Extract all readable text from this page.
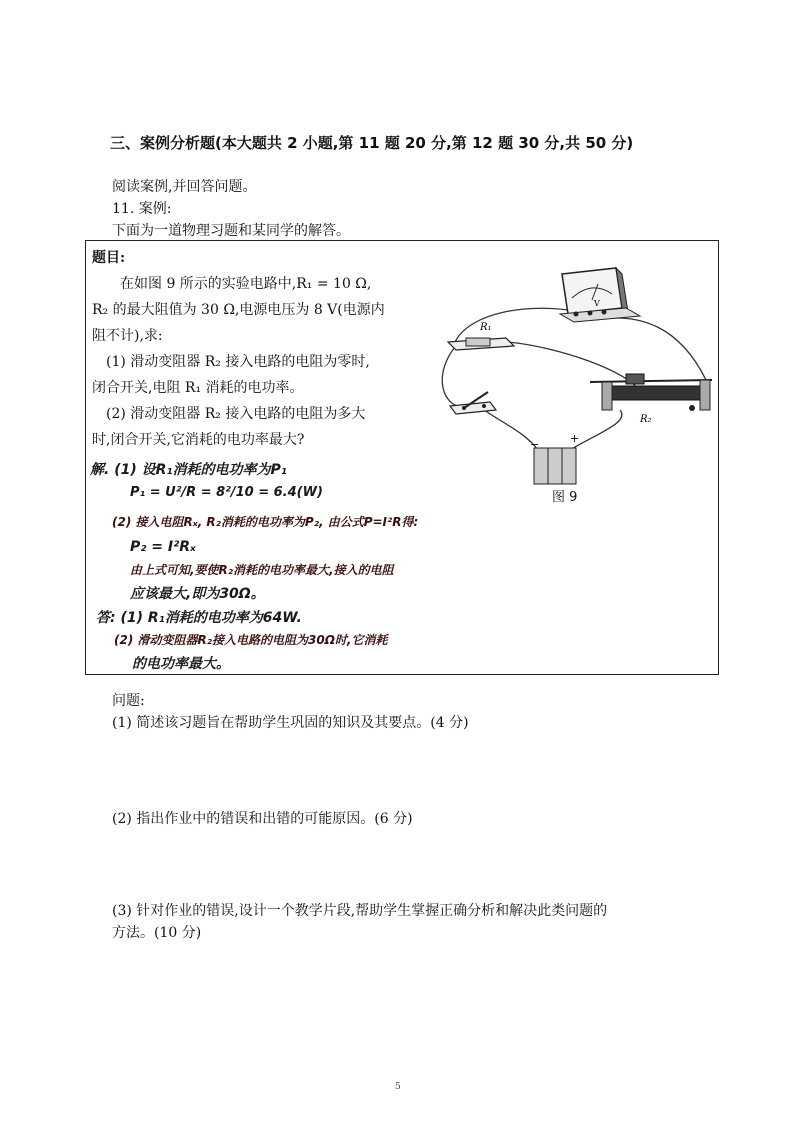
三、案例分析题(本大题共 2 小题,第 11 题 20 分,第 12 题 30 分,共 50 分)

阅读案例,并回答问题。

11. 案例:

下面为一道物理习题和某同学的解答。

题目:

在如图 9 所示的实验电路中,R₁ = 10 Ω,

R₂ 的最大阻值为 30 Ω,电源电压为 8 V(电源内

阻不计),求:

(1) 滑动变阻器 R₂ 接入电路的电阻为零时,

闭合开关,电阻 R₁ 消耗的电功率。

(2) 滑动变阻器 R₂ 接入电路的电阻为多大

时,闭合开关,它消耗的电功率最大?

解. (1) 设R₁消耗的电功率为P₁

P₁ = U²/R = 8²/10 = 6.4(W)

(2) 接入电阻Rₓ, R₂消耗的电功率为P₂, 由公式P=I²R得:

P₂ = I²Rₓ

由上式可知,要使R₂消耗的电功率最大,接入的电阻

应该最大,即为30Ω。

答: (1) R₁消耗的电功率为64W.

(2) 滑动变阻器R₂接入电路的电阻为30Ω时,它消耗

的电功率最大。

V
R₁
R₂
−	+

图 9

问题:

(1) 简述该习题旨在帮助学生巩固的知识及其要点。(4 分)

(2) 指出作业中的错误和出错的可能原因。(6 分)

(3) 针对作业的错误,设计一个教学片段,帮助学生掌握正确分析和解决此类问题的

方法。(10 分)

5
